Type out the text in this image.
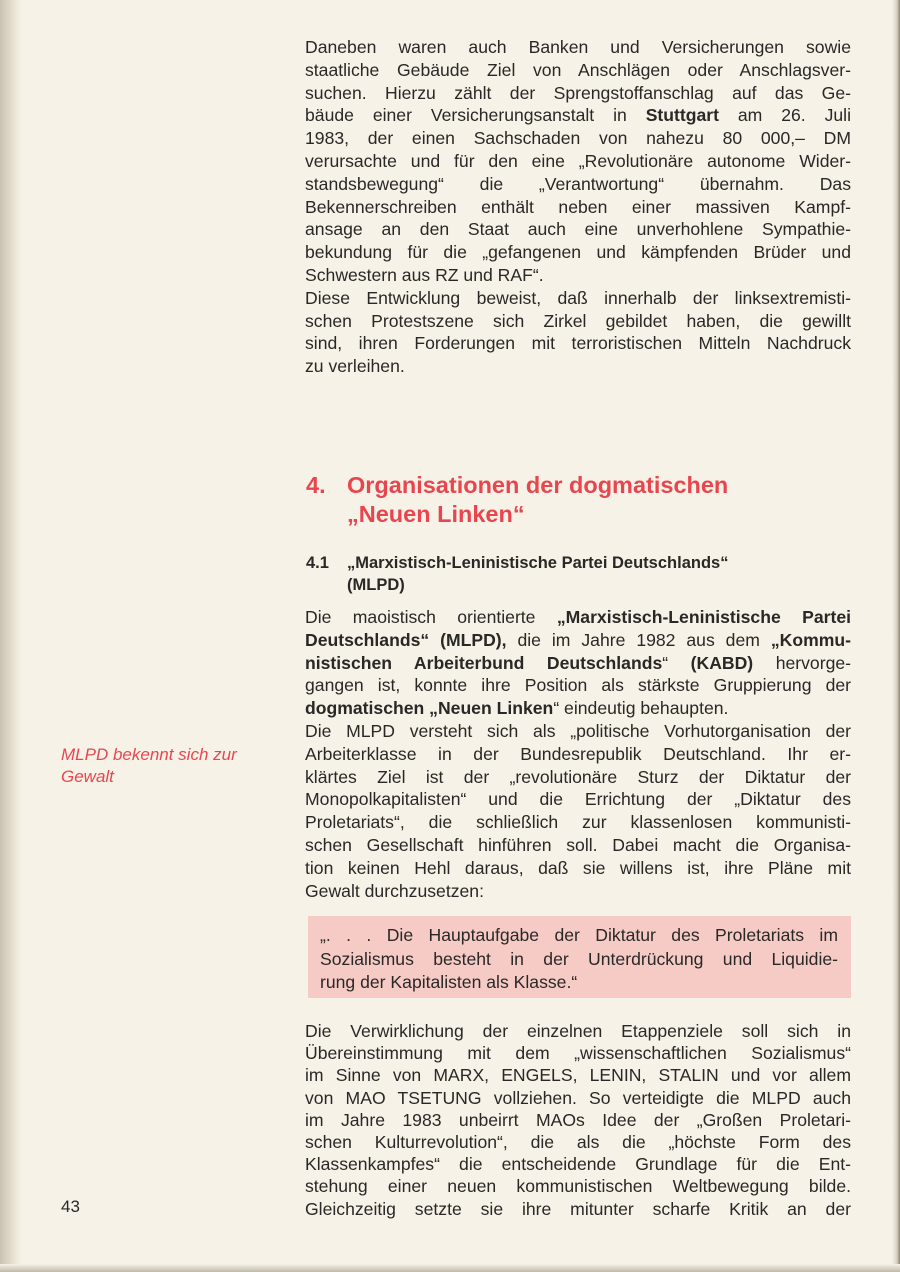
Daneben waren auch Banken und Versicherungen sowie
staatliche Gebäude Ziel von Anschlägen oder Anschlagsver-
suchen. Hierzu zählt der Sprengstoffanschlag auf das Ge-
bäude einer Versicherungsanstalt in Stuttgart am 26. Juli
1983, der einen Sachschaden von nahezu 80 000,– DM
verursachte und für den eine „Revolutionäre autonome Wider-
standsbewegung“ die „Verantwortung“ übernahm. Das
Bekennerschreiben enthält neben einer massiven Kampf-
ansage an den Staat auch eine unverhohlene Sympathie-
bekundung für die „gefangenen und kämpfenden Brüder und
Schwestern aus RZ und RAF“.
Diese Entwicklung beweist, daß innerhalb der linksextremisti-
schen Protestszene sich Zirkel gebildet haben, die gewillt
sind, ihren Forderungen mit terroristischen Mitteln Nachdruck
zu verleihen.
4. Organisationen der dogmatischen
„Neuen Linken“
4.1 „Marxistisch-Leninistische Partei Deutschlands“
(MLPD)
Die maoistisch orientierte „Marxistisch-Leninistische Partei
Deutschlands“ (MLPD), die im Jahre 1982 aus dem „Kommu-
nistischen Arbeiterbund Deutschlands“ (KABD) hervorge-
gangen ist, konnte ihre Position als stärkste Gruppierung der
dogmatischen „Neuen Linken“ eindeutig behaupten.
Die MLPD versteht sich als „politische Vorhutorganisation der
Arbeiterklasse in der Bundesrepublik Deutschland. Ihr er-
klärtes Ziel ist der „revolutionäre Sturz der Diktatur der
Monopolkapitalisten“ und die Errichtung der „Diktatur des
Proletariats“, die schließlich zur klassenlosen kommunisti-
schen Gesellschaft hinführen soll. Dabei macht die Organisa-
tion keinen Hehl daraus, daß sie willens ist, ihre Pläne mit
Gewalt durchzusetzen:
„. . . Die Hauptaufgabe der Diktatur des Proletariats im
Sozialismus besteht in der Unterdrückung und Liquidie-
rung der Kapitalisten als Klasse.“
Die Verwirklichung der einzelnen Etappenziele soll sich in
Übereinstimmung mit dem „wissenschaftlichen Sozialismus“
im Sinne von MARX, ENGELS, LENIN, STALIN und vor allem
von MAO TSETUNG vollziehen. So verteidigte die MLPD auch
im Jahre 1983 unbeirrt MAOs Idee der „Großen Proletari-
schen Kulturrevolution“, die als die „höchste Form des
Klassenkampfes“ die entscheidende Grundlage für die Ent-
stehung einer neuen kommunistischen Weltbewegung bilde.
Gleichzeitig setzte sie ihre mitunter scharfe Kritik an der
MLPD bekennt sich zur
Gewalt
43
